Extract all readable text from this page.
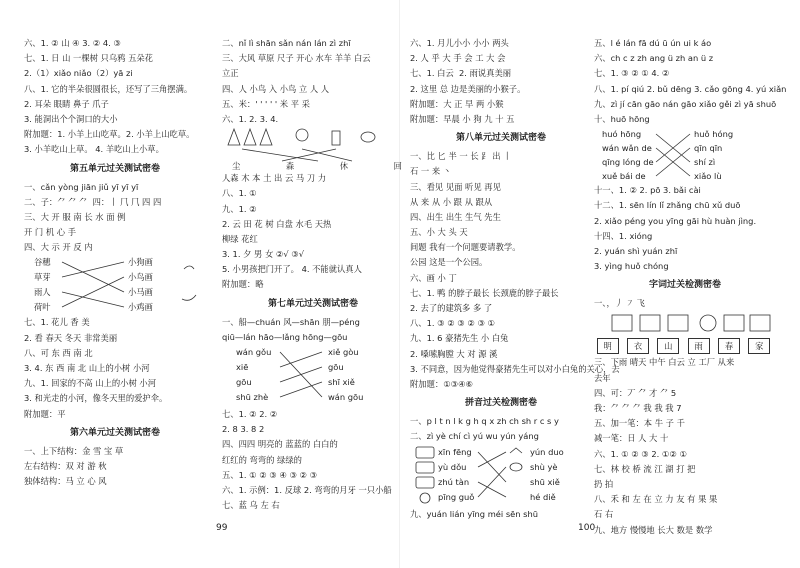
六、1. ② 山 ④ 3. ② 4. ③
七、1. 日 山 一棵树 只乌鸦 五朵花
2.（1）xiǎo niǎo（2）yā zi
八、1. 它的半朵很圆很长，还写了三角摆满。
2. 耳朵 眼睛 鼻子 爪子
3. 能洞出个个洞口的大小
附加题：1. 小羊上山吃草。2. 小羊上山吃草。
3. 小羊吃山上草。 4. 羊吃山上小草。
第五单元过关测试密卷
一、cǎn yòng jiān jiǔ yī yī yī
二、子：⺈ ⺈ ⺈  四：丨 ⺇ ⺇ 四 四
三、大 开 服 南 长 水 面 例
开 门 机 心 手
四、大 示 开 反 内
谷穗
草芽
雨人
荷叶
小狗画
小鸟画
小马画
小鸡画
七、1. 花儿 香 美
2. 看 春天 冬天 非常美丽
八、可 东 西 南 北
3. 4. 东 西 南 北 山上的小树 小河
九、1. 回家的不高 山上的小树 小河
3. 和光走的小河，像冬天里的爱护伞。
附加题：平
第六单元过关测试密卷
一、上下结构：金 雪 宝 草
左右结构：双 对 游 秋
独体结构：马 立 心 风
二、nǐ lì shān sǎn nán lán zì zhī
三、大风 草原 尺子 开心 水车 羊羊 白云
立正
四、人 小鸟 入 小鸟 立 人 人
五、米：' ' ' ' ' 米 平 采
六、1. 2. 3. 4.
尘	森	休	回
人森 木 本 土 出 云 马 刀 力
八、1. ①
九、1. ②
2. 云 田 花 树 白盘 水毛 天热
柳绿 花红
3. 1. 夕 男 女 ②√ ③√
5. 小男孩把门开了。 4. 不能就认真人
附加题：略
第七单元过关测试密卷
一、船—chuán 风—shān 朋—péng
qiū—lán hāo—lǎng hōng—gōu
wán gǒu
xiē
gōu
shū zhè
xiě gòu
gōu
shī xiě
wán gōu
七、1. ② 2. ②
2. 8 3. 8 2
四、四四 明亮的 蓝蓝的 白白的
红红的 弯弯的 绿绿的
五、1. ① ② ③ ④ ③ ② ③
六、1. 示例：1. 反球 2. 弯弯的月牙 一只小船
七、蓝 乌 左 右
六、1. 月儿小小 小小 两头
2. 人 乎 大 手 会 工 大 会
七、1. 白云  2. 雨说真美丽
2. 这里 总 边是美丽的小猴子。
附加题：大 正 早 两 小猴
附加题：早晨 小 狗 九 十 五
第八单元过关测试密卷
一、比 匕 半 一 长 ⻊ 出 丨
石 一 来 丶
三、看见 见面 听见 再见
从 来 从 小 跟 从 跟从
四、出生 出生 生气 先生
五、小 大 头 天
间题 我有一个问题要请教学。
公园 这是一个公园。
六、画 小 丁
七、1. 鸭 的脖子最长 长颈鹿的脖子最长
2. 去了的建筑多 多 了
八、1. ③ ② ③ ② ③ ①
九、1. 6 豪猪先生 小 白兔
2. 嗓嗦胸膛 大 对 源 溪
3. 不同意，因为他觉得豪猪先生可以对小白兔的关心，去
附加题：①③④⑥
拼音过关检测密卷
一、p l t n l k g h q x zh ch sh r c s y
二、zì yè chí cì yú wu yún yáng
xīn fēng
yù dǒu
zhú tàn
pīng guǒ
yún duo
shù yè
shū xiě
hé diě
九、yuán lián yīng méi sēn shū
五、l é lán fā dú ū ún ui k áo
六、ch c z zh ang ü zh an ü z
七、1. ③ ② ① 4. ②
八、1. pí qiú 2. bǔ dēng 3. cǎo gōng 4. yú xiǎn
九、zì jí cān gāo nán gāo xiǎo gěi zì yā shuō
十、huō hōng
huó hōng
wán wǎn de
qīng lóng de
xuě bái de
huǒ hóng
qīn qīn
shí zì
xiǎo lù
十一、1. ② 2. pō 3. bǎi cài
十二、1. sēn lín lǐ zhǎng chū xǔ duō
2. xiǎo péng you yīng gāi hù huàn jìng.
十四、1. xióng
2. yuán shì yuán zhī
3. yìng huǒ chóng
字词过关检测密卷
一、，丿 ㇇ 飞
明	衣	山	雨	春	家
三、下雨 晴天 中午 白云 立 工厂 从来
去年
四、可：丆 ⺈ 才 ⺈ 5
我：⺈ ⺈ ⺈ 我 我 我 7
五、加一笔：本 牛 子 千
减一笔：日 人 大 十
六、1. ① ② ③ 2. ①② ①
七、林 校 桥 流 江 湖 打 把
扔 拍
八、禾 和 左 在 立 力 友 有 果 果
石 右
九、地方 慢慢地 长大 数是 数学
99	100
